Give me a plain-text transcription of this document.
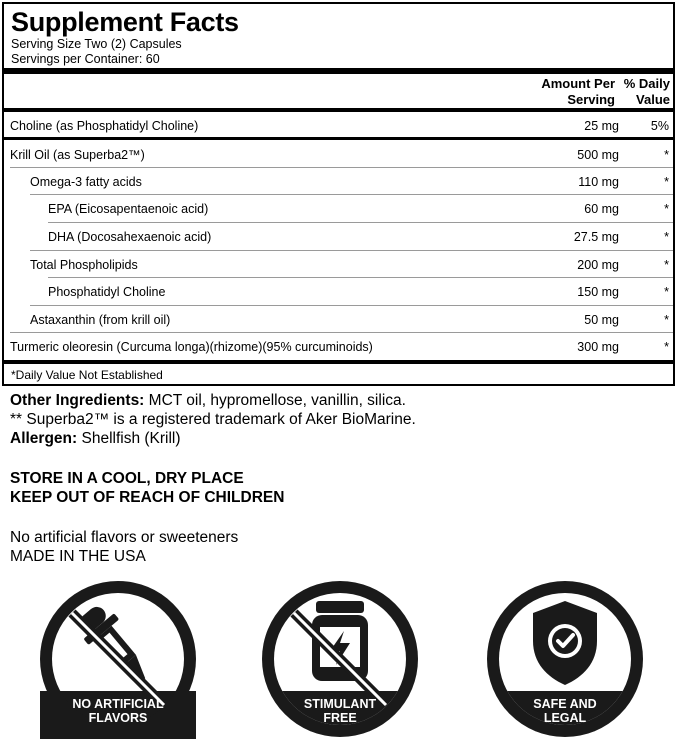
Supplement Facts
Serving Size Two (2) Capsules
Servings per Container: 60
Amount Per
Serving
% Daily
Value
Choline (as Phosphatidyl Choline)	25 mg	5%
Krill Oil (as Superba2™)	500 mg	*
Omega-3 fatty acids	110 mg	*
EPA (Eicosapentaenoic acid)	60 mg	*
DHA (Docosahexaenoic acid)	27.5 mg	*
Total Phospholipids	200 mg	*
Phosphatidyl Choline	150 mg	*
Astaxanthin (from krill oil)	50 mg	*
Turmeric oleoresin (Curcuma longa)(rhizome)(95% curcuminoids)	300 mg	*
*Daily Value Not Established
Other Ingredients: MCT oil, hypromellose, vanillin, silica.
** Superba2™ is a registered trademark of Aker BioMarine.
Allergen: Shellfish (Krill)
STORE IN A COOL, DRY PLACE
KEEP OUT OF REACH OF CHILDREN
No artificial flavors or sweeteners
MADE IN THE USA
NO ARTIFICIAL
FLAVORS
STIMULANT
FREE
SAFE AND
LEGAL
